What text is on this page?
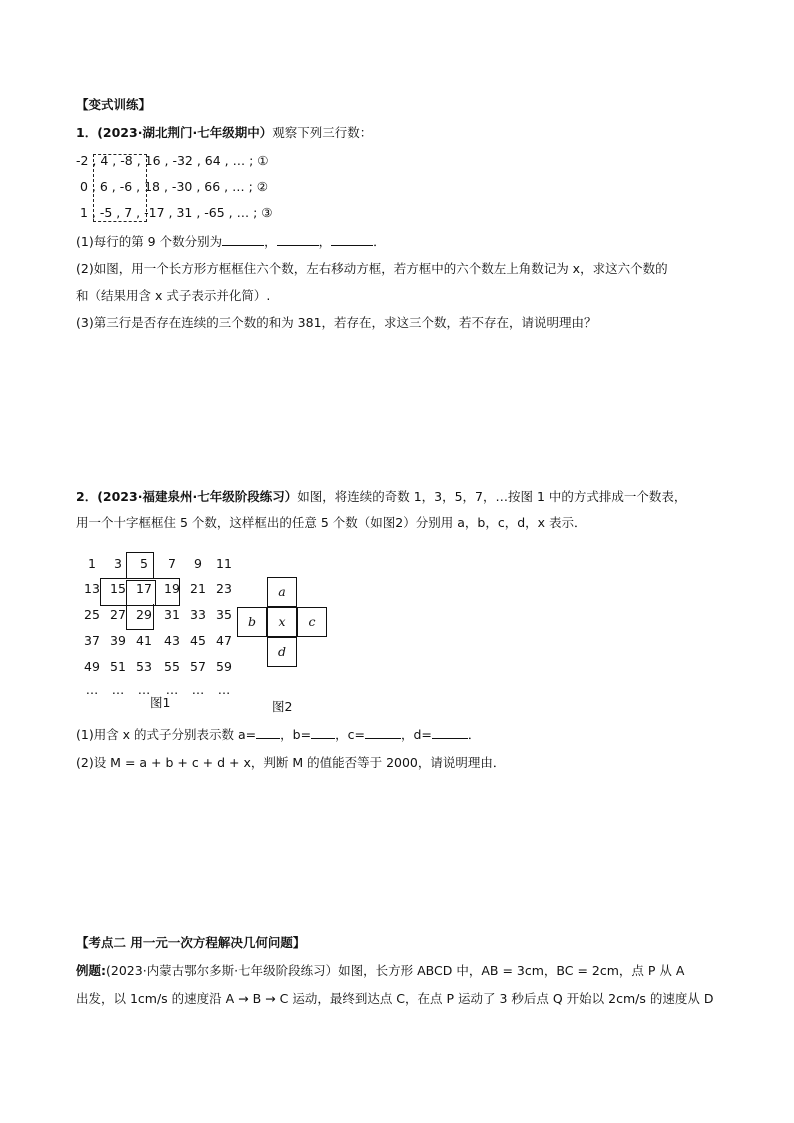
【变式训练】
1．(2023·湖北荆门·七年级期中）观察下列三行数：
-2 , 4 , -8 , 16 , -32 , 64 , … ; ①
0 , 6 , -6 , 18 , -30 , 66 , … ; ②
1 , -5 , 7 , -17 , 31 , -65 , … ; ③
(1)每行的第 9 个数分别为	，	，	．
(2)如图，用一个长方形方框框住六个数，左右移动方框，若方框中的六个数左上角数记为 x，求这六个数的
和（结果用含 x 式子表示并化简）.
(3)第三行是否存在连续的三个数的和为 381，若存在，求这三个数，若不存在，请说明理由？
2．(2023·福建泉州·七年级阶段练习）如图，将连续的奇数 1，3，5，7，…按图 1 中的方式排成一个数表，
用一个十字框框住 5 个数，这样框出的任意 5 个数（如图2）分别用 a，b，c，d，x 表示．
1	3	5	7	9	11
13 15 17 19 21 23
25 27 29 31 33 35
37 39 41 43 45 47
49 51 53 55 57 59
…	…	…	…	…	…
图1
a
b	x	c
d
图2
(1)用含 x 的式子分别表示数 a= ，b= ，c=	，d=	．
(2)设 M = a + b + c + d + x，判断 M 的值能否等于 2000，请说明理由．
【考点二 用一元一次方程解决几何问题】
例题:(2023·内蒙古鄂尔多斯·七年级阶段练习）如图，长方形 ABCD 中，AB = 3cm，BC = 2cm，点 P 从 A
出发，以 1cm/s 的速度沿 A → B → C 运动，最终到达点 C，在点 P 运动了 3 秒后点 Q 开始以 2cm/s 的速度从 D
